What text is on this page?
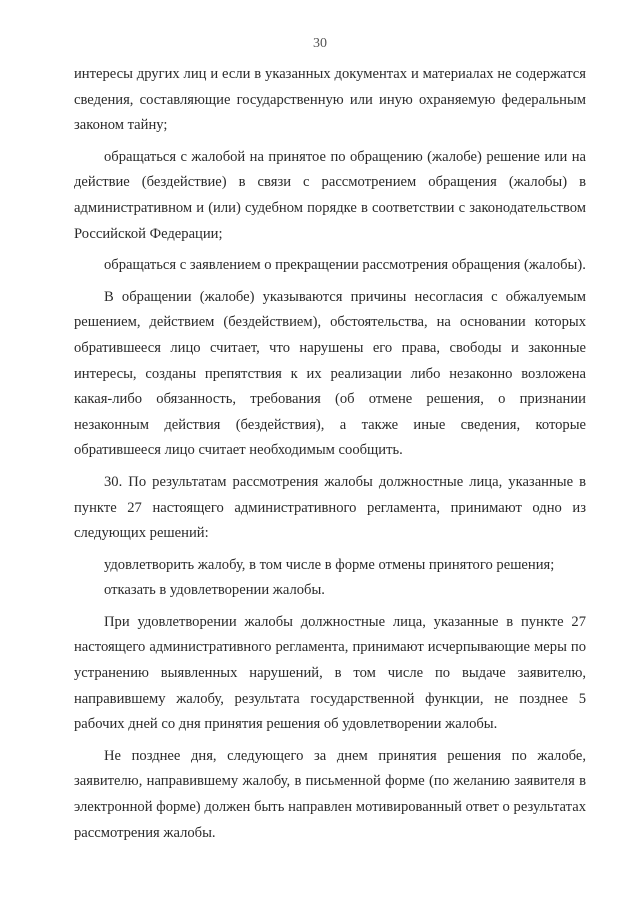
30

интересы других лиц и если в указанных документах и материалах не содержатся сведения, составляющие государственную или иную охраняемую федеральным законом тайну;

обращаться с жалобой на принятое по обращению (жалобе) решение или на действие (бездействие) в связи с рассмотрением обращения (жалобы) в административном и (или) судебном порядке в соответствии с законодательством Российской Федерации;

обращаться с заявлением о прекращении рассмотрения обращения (жалобы).

В обращении (жалобе) указываются причины несогласия с обжалуемым решением, действием (бездействием), обстоятельства, на основании которых обратившееся лицо считает, что нарушены его права, свободы и законные интересы, созданы препятствия к их реализации либо незаконно возложена какая-либо обязанность, требования (об отмене решения, о признании незаконным действия (бездействия), а также иные сведения, которые обратившееся лицо считает необходимым сообщить.

30. По результатам рассмотрения жалобы должностные лица, указанные в пункте 27 настоящего административного регламента, принимают одно из следующих решений:

удовлетворить жалобу, в том числе в форме отмены принятого решения;

отказать в удовлетворении жалобы.

При удовлетворении жалобы должностные лица, указанные в пункте 27 настоящего административного регламента, принимают исчерпывающие меры по устранению выявленных нарушений, в том числе по выдаче заявителю, направившему жалобу, результата государственной функции, не позднее 5 рабочих дней со дня принятия решения об удовлетворении жалобы.

Не позднее дня, следующего за днем принятия решения по жалобе, заявителю, направившему жалобу, в письменной форме (по желанию заявителя в электронной форме) должен быть направлен мотивированный ответ о результатах рассмотрения жалобы.
